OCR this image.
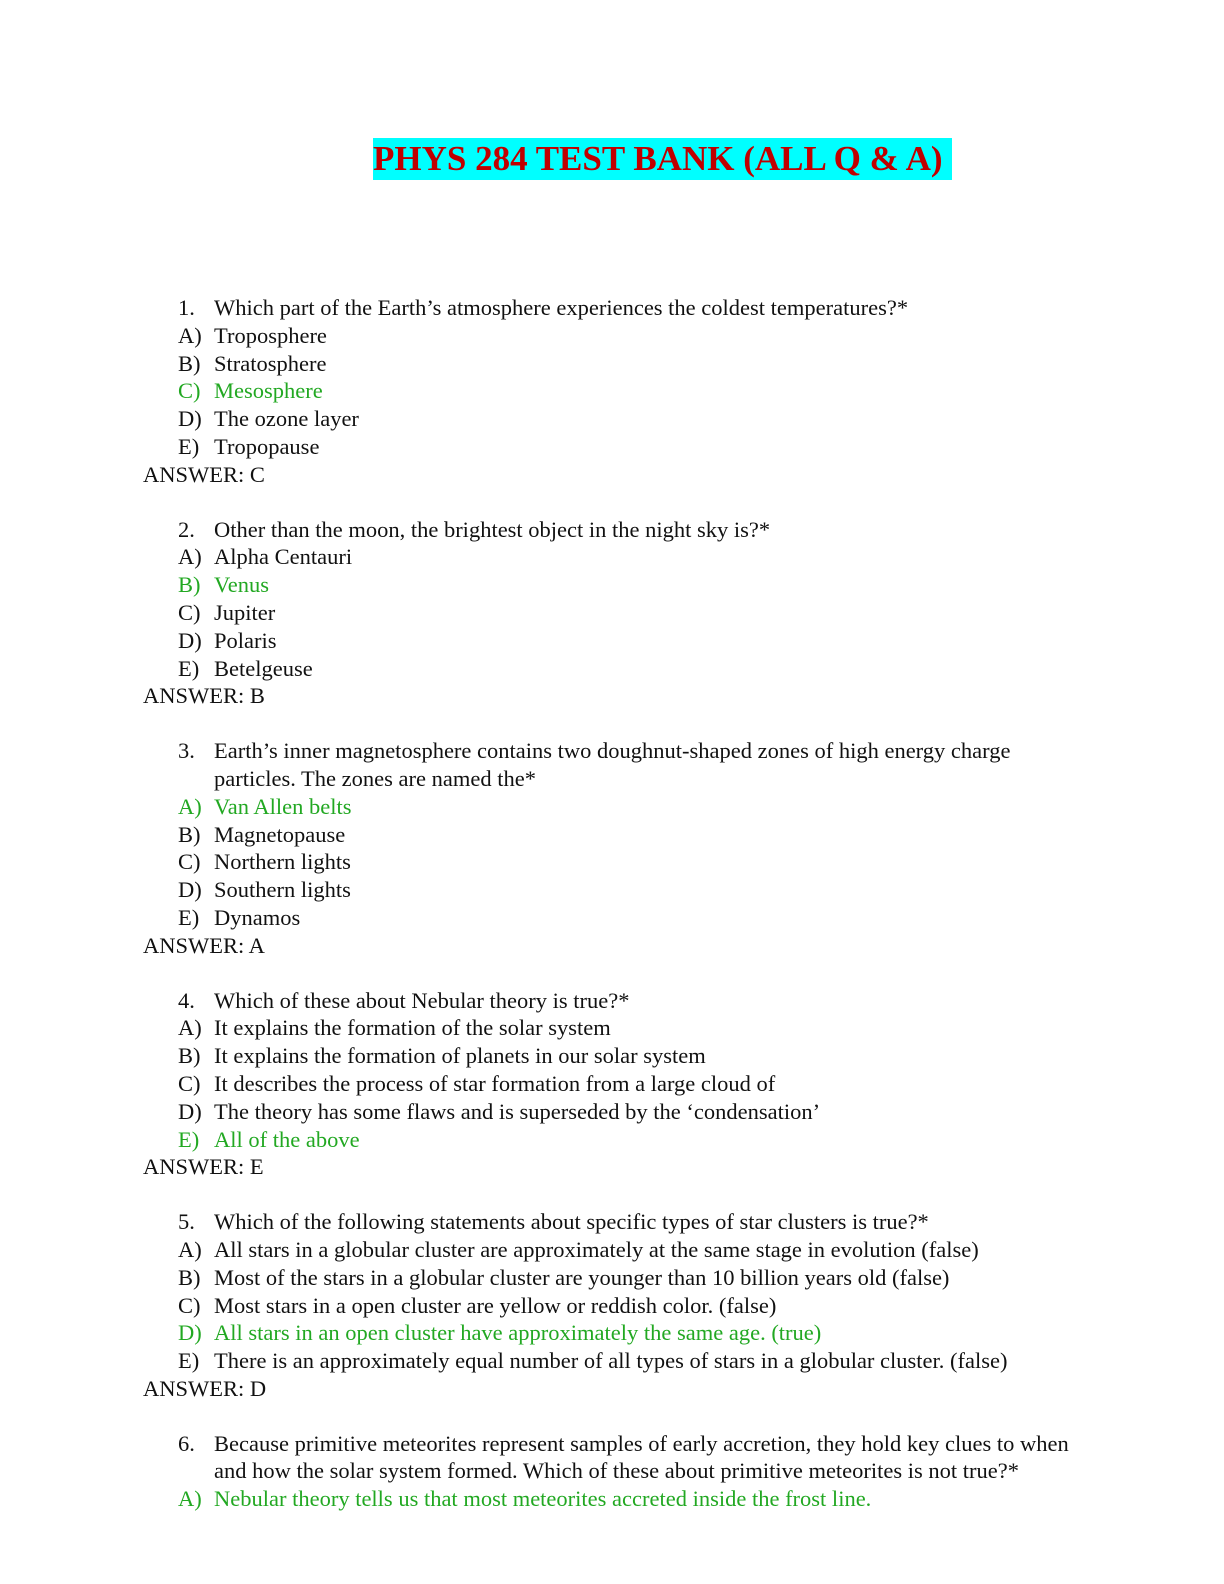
PHYS 284 TEST BANK (ALL Q & A)
1. Which part of the Earth’s atmosphere experiences the coldest temperatures?*
A) Troposphere
B) Stratosphere
C) Mesosphere
D) The ozone layer
E) Tropopause
ANSWER: C
2. Other than the moon, the brightest object in the night sky is?*
A) Alpha Centauri
B) Venus
C) Jupiter
D) Polaris
E) Betelgeuse
ANSWER: B
3. Earth’s inner magnetosphere contains two doughnut-shaped zones of high energy charge particles. The zones are named the*
A) Van Allen belts
B) Magnetopause
C) Northern lights
D) Southern lights
E) Dynamos
ANSWER: A
4. Which of these about Nebular theory is true?*
A) It explains the formation of the solar system
B) It explains the formation of planets in our solar system
C) It describes the process of star formation from a large cloud of
D) The theory has some flaws and is superseded by the ‘condensation’
E) All of the above
ANSWER: E
5. Which of the following statements about specific types of star clusters is true?*
A) All stars in a globular cluster are approximately at the same stage in evolution (false)
B) Most of the stars in a globular cluster are younger than 10 billion years old (false)
C) Most stars in a open cluster are yellow or reddish color. (false)
D) All stars in an open cluster have approximately the same age. (true)
E) There is an approximately equal number of all types of stars in a globular cluster. (false)
ANSWER: D
6. Because primitive meteorites represent samples of early accretion, they hold key clues to when and how the solar system formed. Which of these about primitive meteorites is not true?*
A) Nebular theory tells us that most meteorites accreted inside the frost line.
